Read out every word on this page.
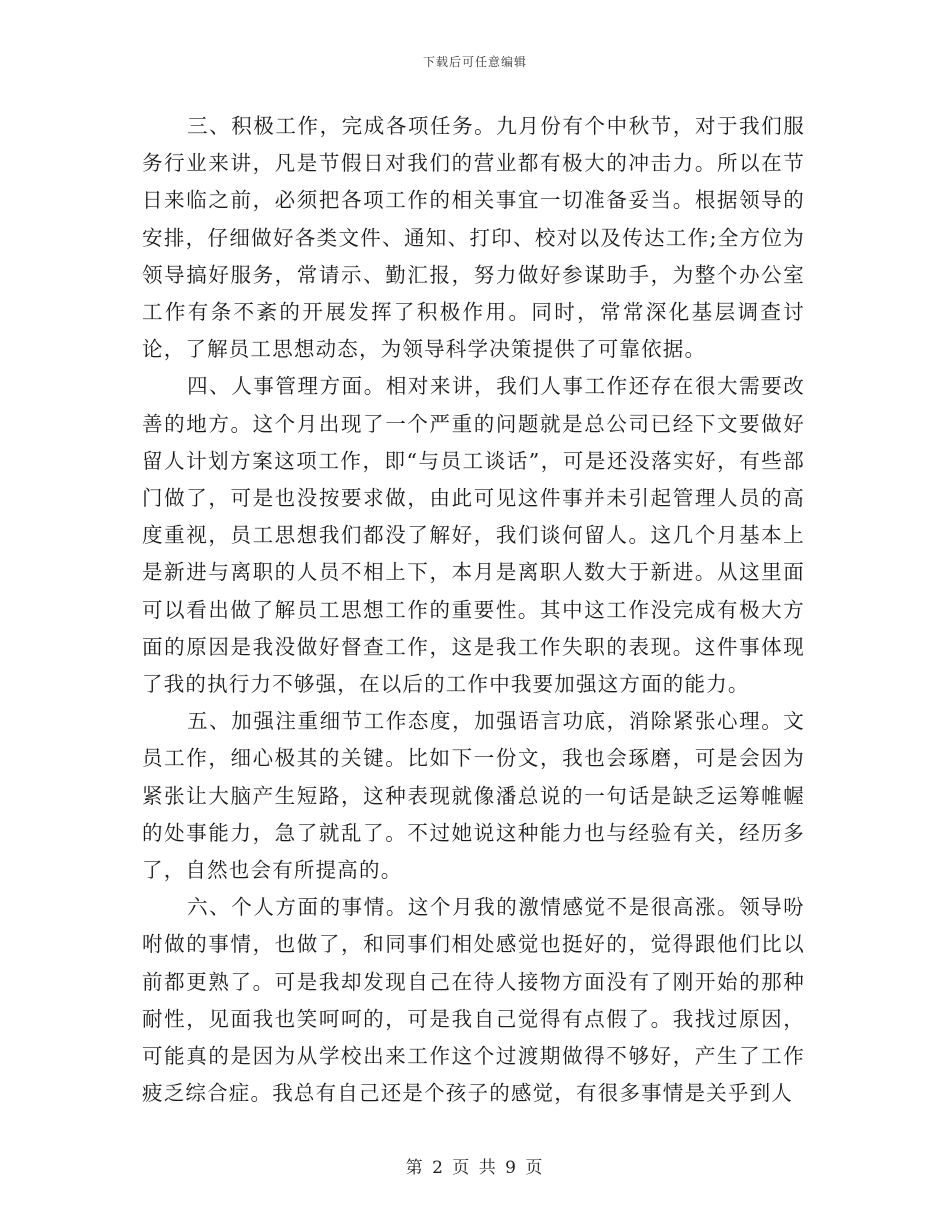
下载后可任意编辑

三、积极工作，完成各项任务。九月份有个中秋节，对于我们服务行业来讲，凡是节假日对我们的营业都有极大的冲击力。所以在节日来临之前，必须把各项工作的相关事宜一切准备妥当。根据领导的安排，仔细做好各类文件、通知、打印、校对以及传达工作;全方位为领导搞好服务，常请示、勤汇报，努力做好参谋助手，为整个办公室工作有条不紊的开展发挥了积极作用。同时，常常深化基层调查讨论，了解员工思想动态，为领导科学决策提供了可靠依据。

四、人事管理方面。相对来讲，我们人事工作还存在很大需要改善的地方。这个月出现了一个严重的问题就是总公司已经下文要做好留人计划方案这项工作，即“与员工谈话”，可是还没落实好，有些部门做了，可是也没按要求做，由此可见这件事并未引起管理人员的高度重视，员工思想我们都没了解好，我们谈何留人。这几个月基本上是新进与离职的人员不相上下，本月是离职人数大于新进。从这里面可以看出做了解员工思想工作的重要性。其中这工作没完成有极大方面的原因是我没做好督查工作，这是我工作失职的表现。这件事体现了我的执行力不够强，在以后的工作中我要加强这方面的能力。

五、加强注重细节工作态度，加强语言功底，消除紧张心理。文员工作，细心极其的关键。比如下一份文，我也会琢磨，可是会因为紧张让大脑产生短路，这种表现就像潘总说的一句话是缺乏运筹帷幄的处事能力，急了就乱了。不过她说这种能力也与经验有关，经历多了，自然也会有所提高的。

六、个人方面的事情。这个月我的激情感觉不是很高涨。领导吩咐做的事情，也做了，和同事们相处感觉也挺好的，觉得跟他们比以前都更熟了。可是我却发现自己在待人接物方面没有了刚开始的那种耐性，见面我也笑呵呵的，可是我自己觉得有点假了。我找过原因，可能真的是因为从学校出来工作这个过渡期做得不够好，产生了工作疲乏综合症。我总有自己还是个孩子的感觉，有很多事情是关乎到人

第 2 页 共 9 页
